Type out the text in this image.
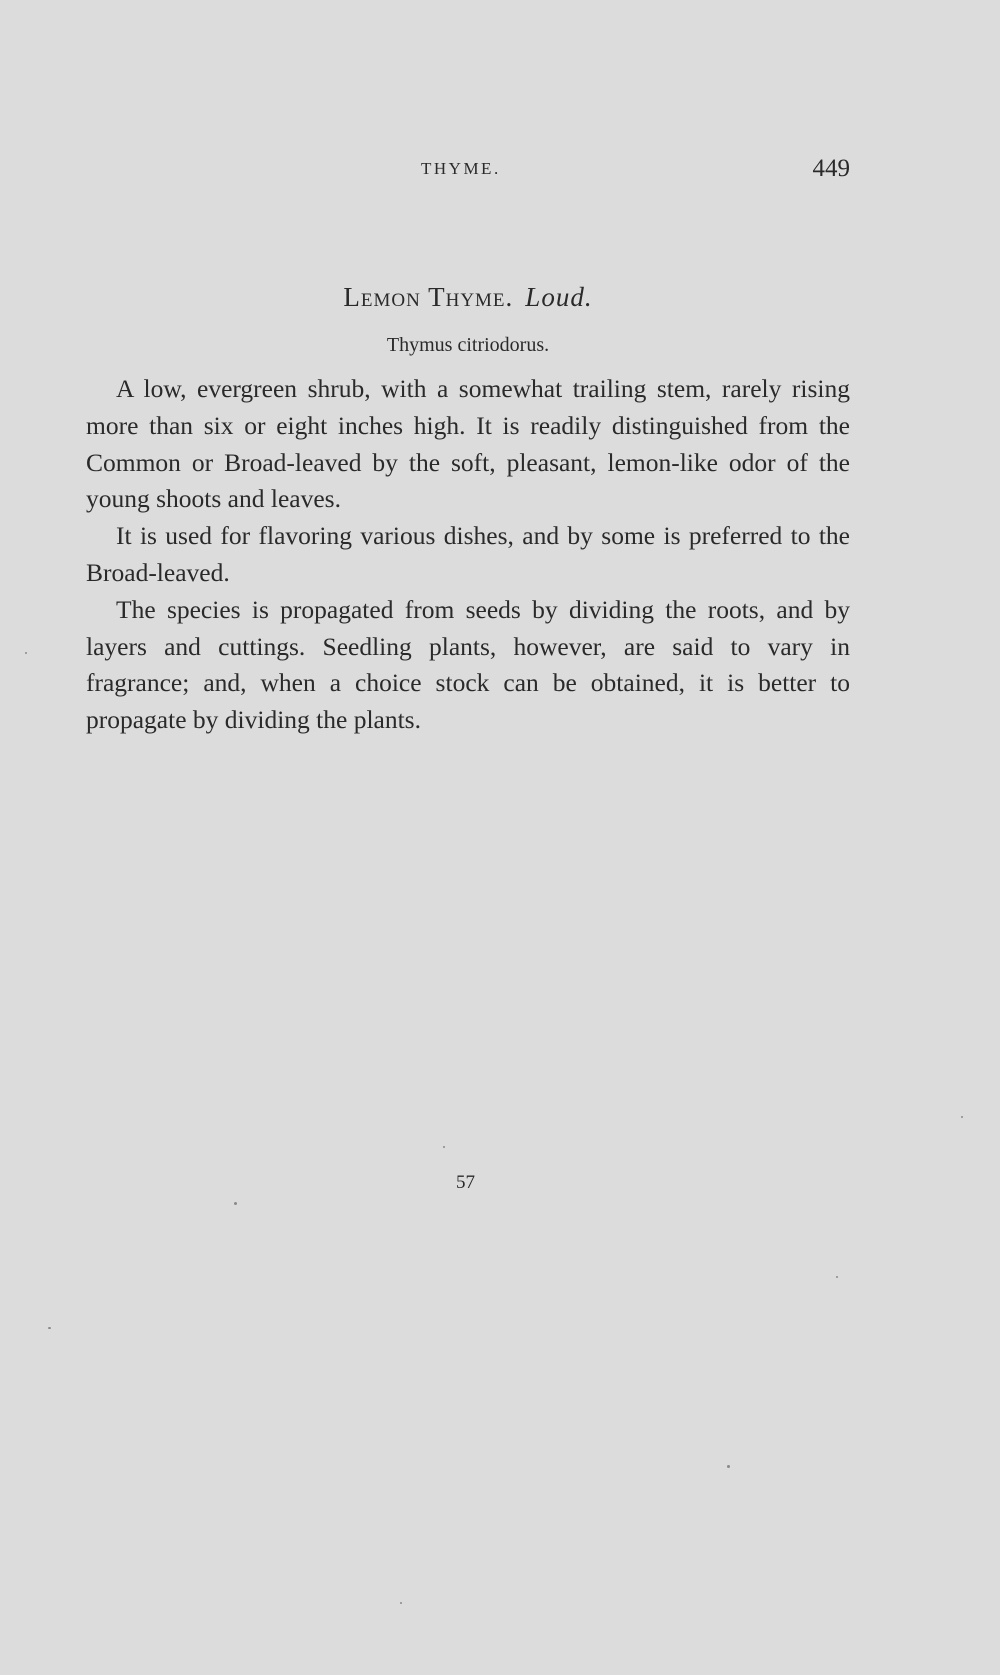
THYME.	449
Lemon Thyme. Loud.
Thymus citriodorus.

A low, evergreen shrub, with a somewhat trailing stem, rarely rising more than six or eight inches high. It is readily distinguished from the Common or Broad-leaved by the soft, pleasant, lemon-like odor of the young shoots and leaves.

It is used for flavoring various dishes, and by some is preferred to the Broad-leaved.

The species is propagated from seeds by dividing the roots, and by layers and cuttings. Seedling plants, however, are said to vary in fragrance; and, when a choice stock can be obtained, it is better to propagate by dividing the plants.

57
